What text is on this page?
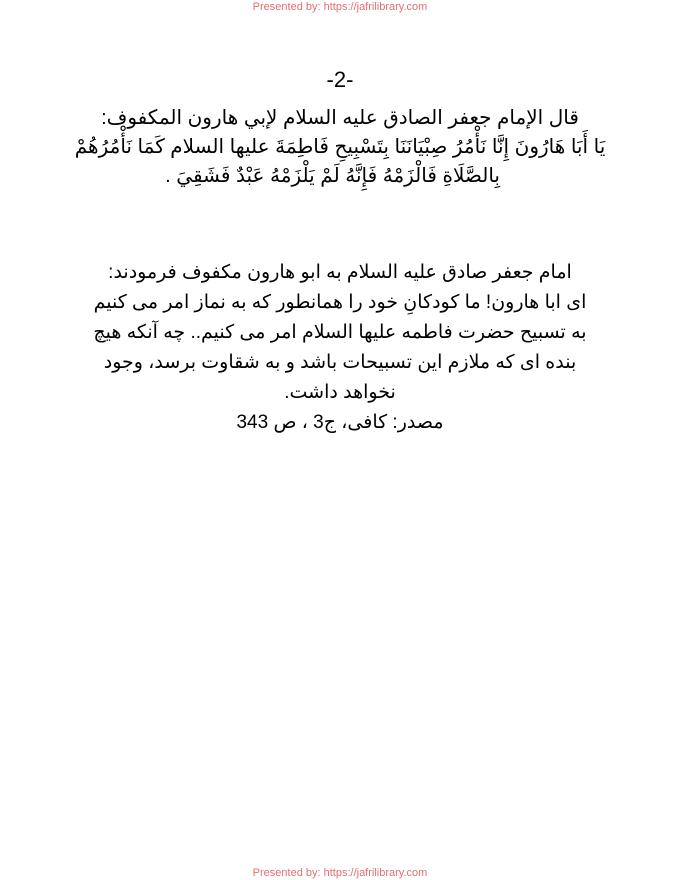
Presented by: https://jafrilibrary.com
-2-
قال الإمام جعفر الصادق عليه السلام لإبي هارون المكفوف:
يَا أَبَا هَارُونَ إِنَّا نَأْمُرُ صِبْيَانَنَا بِتَسْبِيحِ فَاطِمَةَ عليها السلام كَمَا نَأْمُرُهُمْ
بِالصَّلَاةِ فَالْزَمْهُ فَإِنَّهُ لَمْ يَلْزَمْهُ عَبْدٌ فَشَقِيَ .
امام جعفر صادق عليه السلام به ابو هارون مكفوف فرمودند:
ای ابا هارون! ما كودكانِ خود را همانطور كه به نماز امر می كنيم
به تسبيح حضرت فاطمه عليها السلام امر می كنيم.. چه آنكه هيچ
بنده ای كه ملازم اين تسبيحات باشد و به شقاوت برسد، وجود
نخواهد داشت.
مصدر: كافی، ج3 ، ص 343
Presented by: https://jafrilibrary.com
